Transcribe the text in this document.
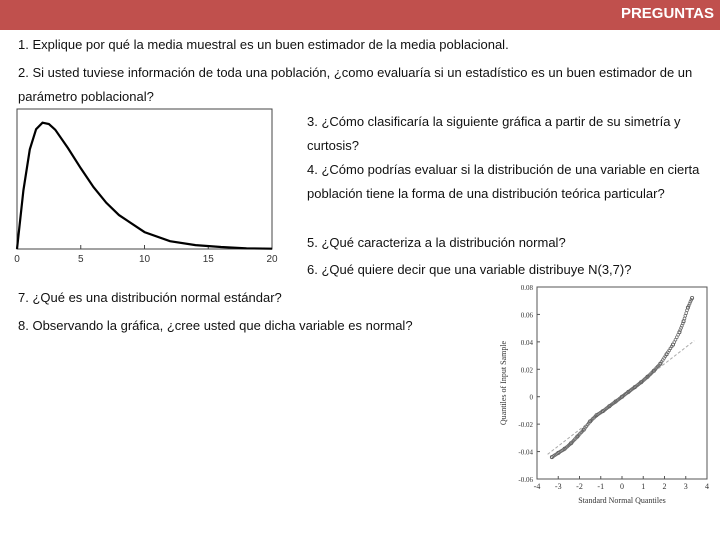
PREGUNTAS
1. Explique por qué la media muestral es un buen estimador de la media poblacional.
2. Si usted tuviese información de toda una población, ¿como evaluaría si un estadístico es un buen estimador de un parámetro poblacional?
3. ¿Cómo clasificaría la siguiente gráfica a partir de su simetría y curtosis?
4. ¿Cómo podrías evaluar si la distribución de una variable en cierta población tiene la forma de una distribución teórica particular?
5. ¿Qué caracteriza a la distribución normal?
6. ¿Qué quiere decir que una variable distribuye N(3,7)?
7. ¿Qué es una distribución normal estándar?
8. Observando la gráfica, ¿cree usted que dicha variable es normal?
0	5	10	15	20
-4 -3 -2 -1 0 1 2 3 4
0.08
0.06
0.04
0.02
0
-0.02
-0.04
-0.06
Standard Normal Quantiles
Quantiles of Input Sample
